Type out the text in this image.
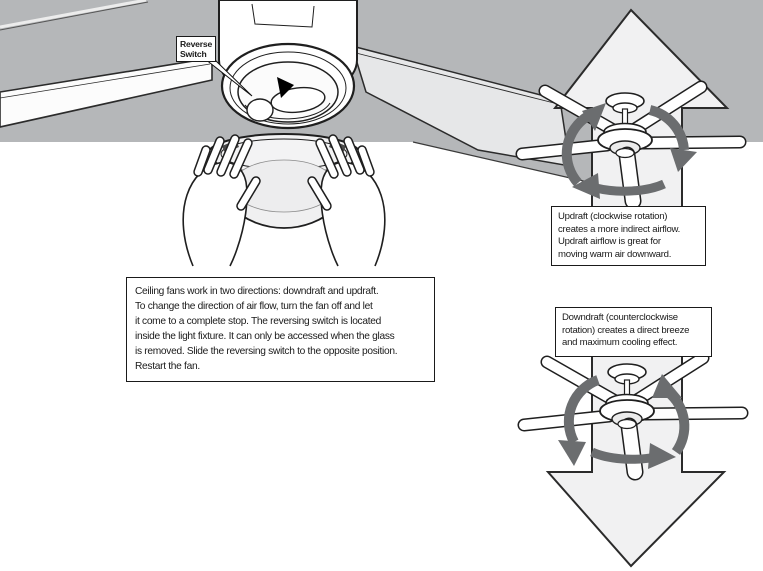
Reverse
Switch
Ceiling fans work in two directions: downdraft and updraft.
To change the direction of air flow, turn the fan off and let
it come to a complete stop. The reversing switch is located
inside the light fixture. It can only be accessed when the glass
is removed. Slide the reversing switch to the opposite position.
Restart the fan.
Updraft (clockwise rotation)
creates a more indirect airflow.
Updraft airflow is great for
moving warm air downward.
Downdraft (counterclockwise
rotation) creates a direct breeze
and maximum cooling effect.
